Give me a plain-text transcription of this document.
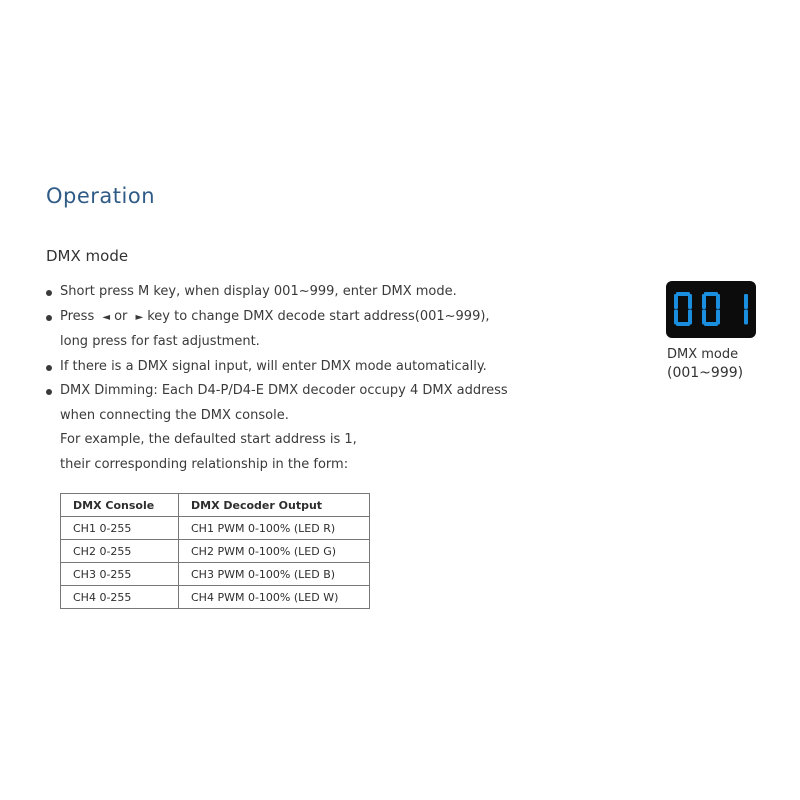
Operation
DMX mode
Short press M key, when display 001~999, enter DMX mode.
Press ◄ or ► key to change DMX decode start address(001~999),
long press for fast adjustment.
If there is a DMX signal input, will enter DMX mode automatically.
DMX Dimming: Each D4-P/D4-E DMX decoder occupy 4 DMX address
when connecting the DMX console.
For example, the defaulted start address is 1,
their corresponding relationship in the form:
DMX Console	DMX Decoder Output
CH1 0-255	CH1 PWM 0-100% (LED R)
CH2 0-255	CH2 PWM 0-100% (LED G)
CH3 0-255	CH3 PWM 0-100% (LED B)
CH4 0-255	CH4 PWM 0-100% (LED W)
DMX mode
(001~999)
